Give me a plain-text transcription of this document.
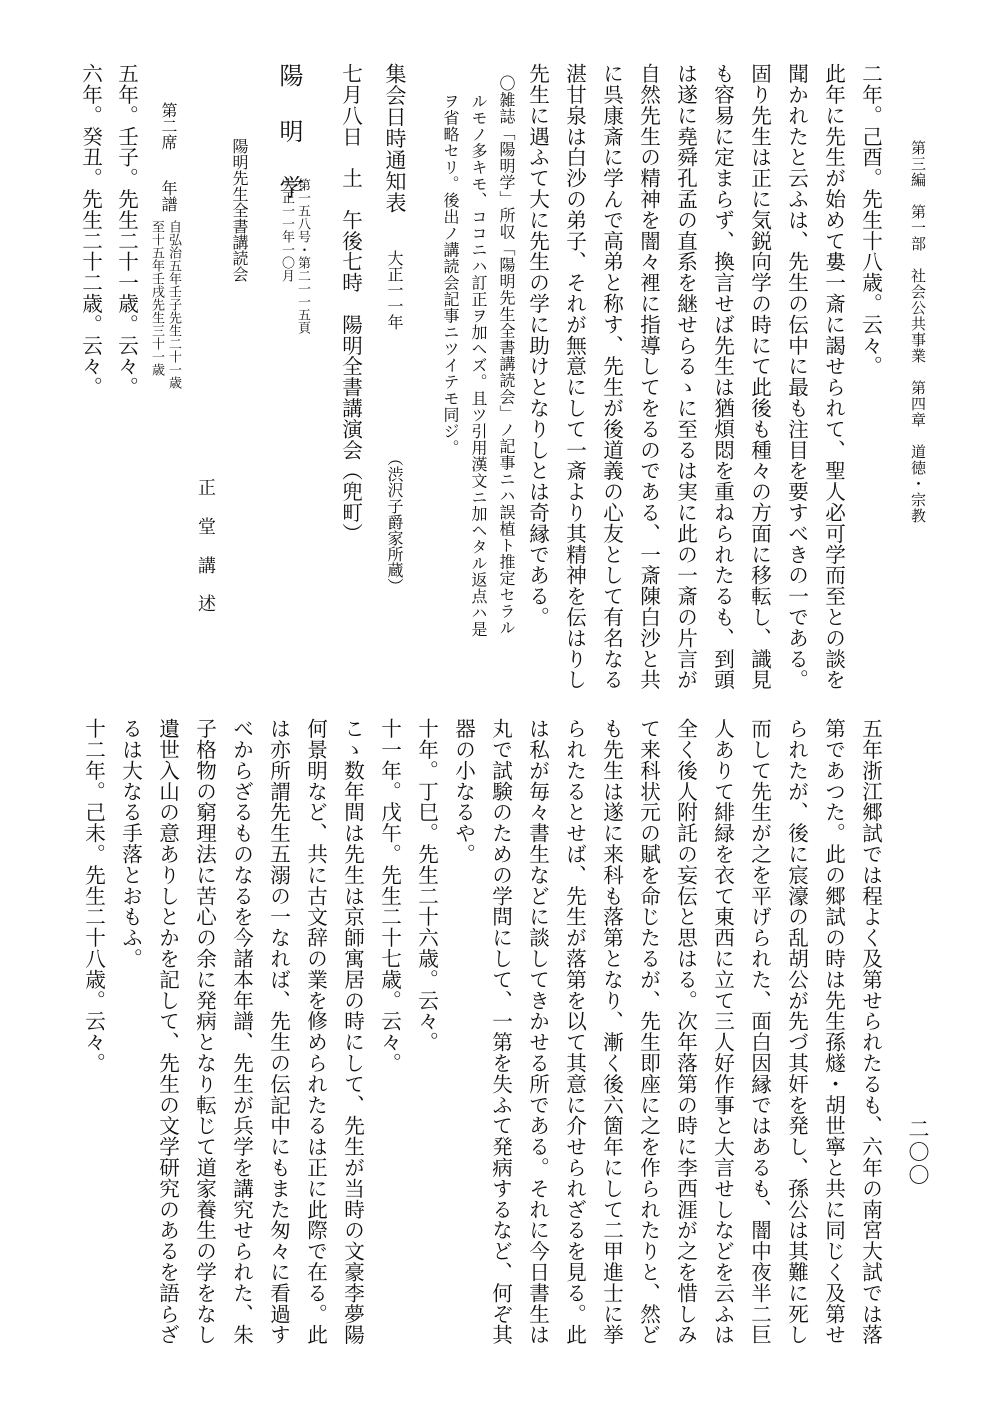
第三編　第一部　社会公共事業　第四章　道徳・宗教
二〇〇
二年。己酉。先生十八歳。云々。
此年に先生が始めて婁一斎に謁せられて、聖人必可学而至との談を
聞かれたと云ふは、先生の伝中に最も注目を要すべきの一である。
固り先生は正に気鋭向学の時にて此後も種々の方面に移転し、識見
も容易に定まらず、換言せば先生は猶煩悶を重ねられたるも、到頭
は遂に堯舜孔孟の直系を継せらるゝに至るは実に此の一斎の片言が
自然先生の精神を闇々裡に指導してをるのである、一斎陳白沙と共
に呉康斎に学んで高弟と称す、先生が後道義の心友として有名なる
湛甘泉は白沙の弟子、それが無意にして一斎より其精神を伝はりし
先生に遇ふて大に先生の学に助けとなりしとは奇縁である。
〇雑誌「陽明学」所収「陽明先生全書講読会」ノ記事ニハ誤植ト推定セラル
ルモノ多キモ、ココニハ訂正ヲ加ヘズ。且ツ引用漢文ニ加ヘタル返点ハ是
ヲ省略セリ。後出ノ講読会記事ニツイテモ同ジ。
集会日時通知表
大正一一年
（渋沢子爵家所蔵）
七月八日　土　午後七時　陽明全書講演会（兜町）
陽　明　学
第一五八号・第二一一五頁
大正一一年一〇月
陽明先生全書講読会
正
堂
講
述
第二席
年譜
自弘治五年壬子先生二十一歳
至十五年壬戌先生三十一歳
五年。壬子。先生二十一歳。云々。
六年。癸丑。先生二十二歳。云々。
五年浙江郷試では程よく及第せられたるも、六年の南宮大試では落
第であつた。此の郷試の時は先生孫燧・胡世寧と共に同じく及第せ
られたが、後に宸濠の乱胡公が先づ其奸を発し、孫公は其難に死し
而して先生が之を平げられた、面白因縁ではあるも、闇中夜半二巨
人ありて緋緑を衣て東西に立て三人好作事と大言せしなどを云ふは
全く後人附託の妄伝と思はる。次年落第の時に李西涯が之を惜しみ
て来科状元の賦を命じたるが、先生即座に之を作られたりと、然ど
も先生は遂に来科も落第となり、漸く後六箇年にして二甲進士に挙
られたるとせば、先生が落第を以て其意に介せられざるを見る。此
は私が毎々書生などに談してきかせる所である。それに今日書生は
丸で試験のための学問にして、一第を失ふて発病するなど、何ぞ其
器の小なるや。
十年。丁巳。先生二十六歳。云々。
十一年。戊午。先生二十七歳。云々。
こゝ数年間は先生は京師寓居の時にして、先生が当時の文豪李夢陽
何景明など、共に古文辞の業を修められたるは正に此際で在る。此
は亦所謂先生五溺の一なれば、先生の伝記中にもまた匆々に看過す
べからざるものなるを今諸本年譜、先生が兵学を講究せられた、朱
子格物の窮理法に苦心の余に発病となり転じて道家養生の学をなし
遺世入山の意ありしとかを記して、先生の文学研究のあるを語らざ
るは大なる手落とおもふ。
十二年。己未。先生二十八歳。云々。
